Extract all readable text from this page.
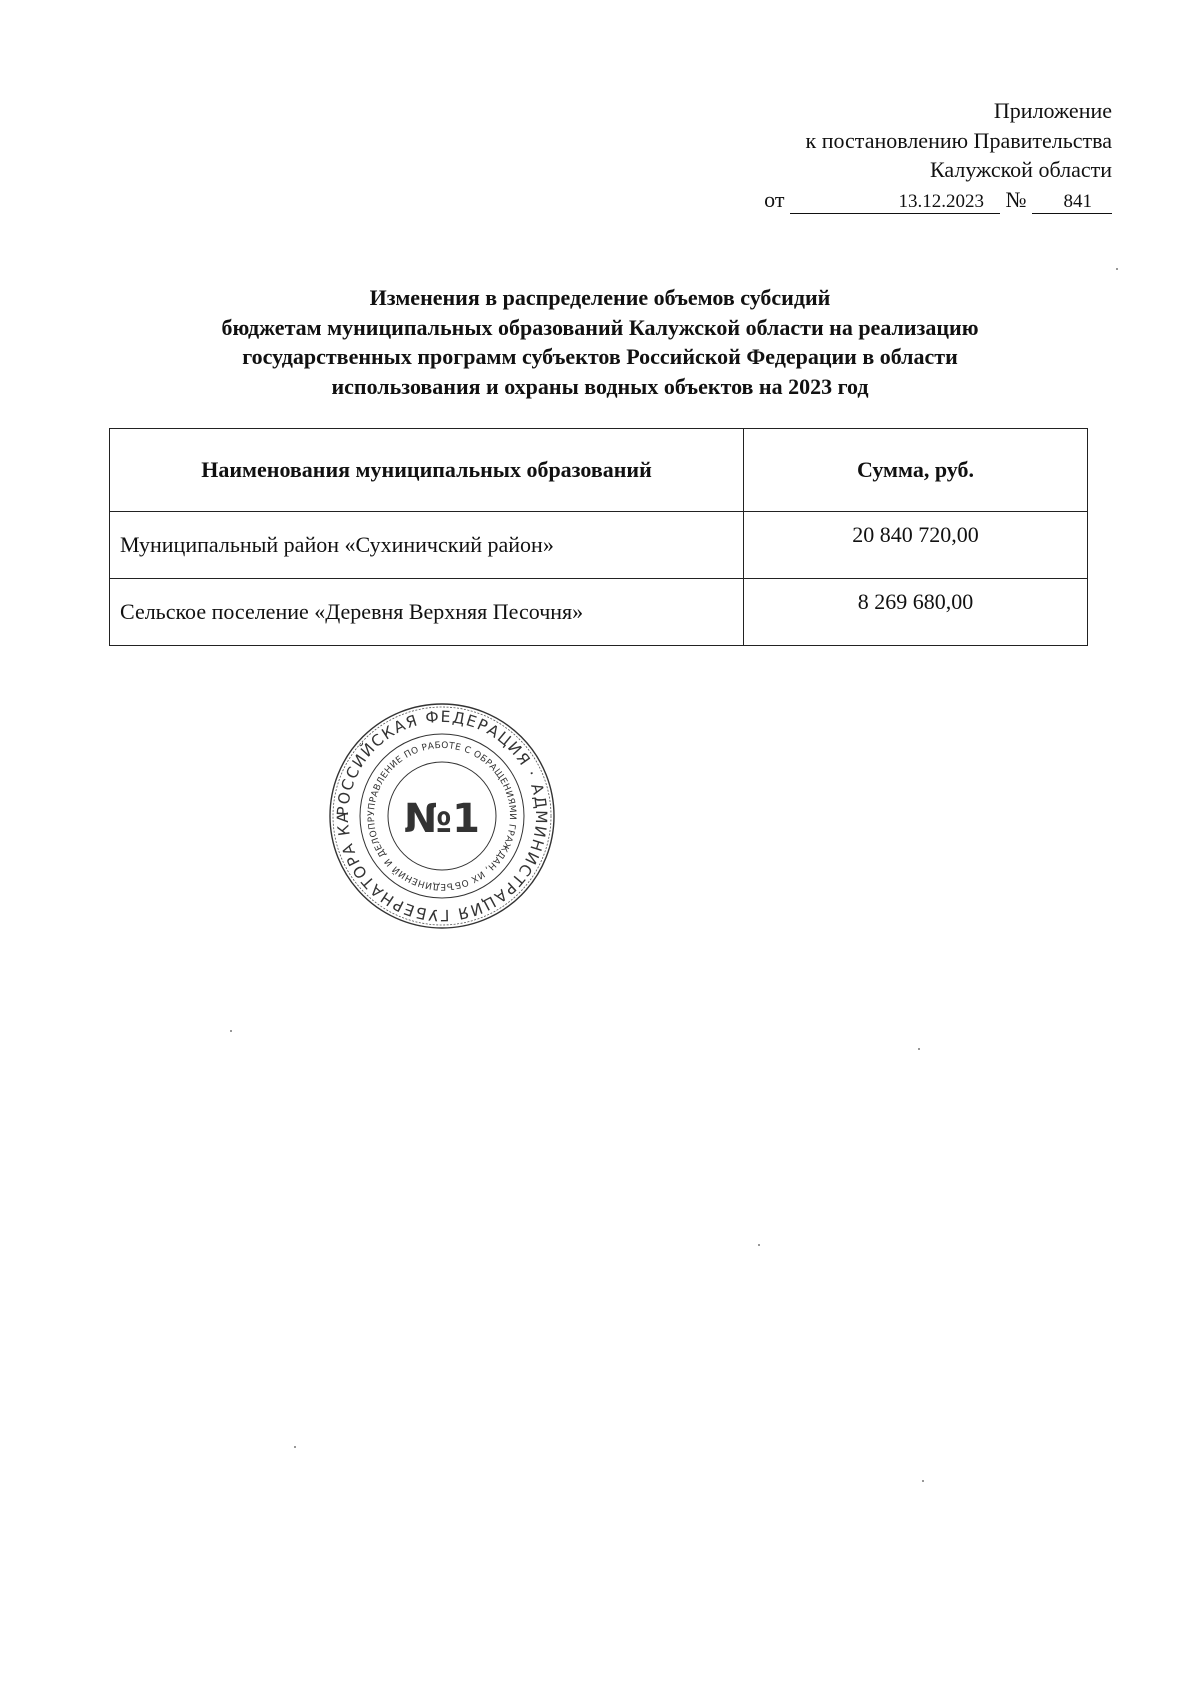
Приложение
к постановлению Правительства
Калужской области
от	13.12.2023 № 841
Изменения в распределение объемов субсидий
бюджетам муниципальных образований Калужской области на реализацию
государственных программ субъектов Российской Федерации в области
использования и охраны водных объектов на 2023 год
Наименования муниципальных образований	Сумма, руб.
Муниципальный район «Сухиничский район»	20 840 720,00
Сельское поселение «Деревня Верхняя Песочня»	8 269 680,00
РОССИЙСКАЯ ФЕДЕРАЦИЯ · АДМИНИСТРАЦИЯ ГУБЕРНАТОРА КА	УПРАВЛЕНИЕ ПО РАБОТЕ С ОБРАЩЕНИЯМИ ГРАЖДАН, ИХ ОБЪЕДИНЕНИЙ И ДЕЛОПР №1
